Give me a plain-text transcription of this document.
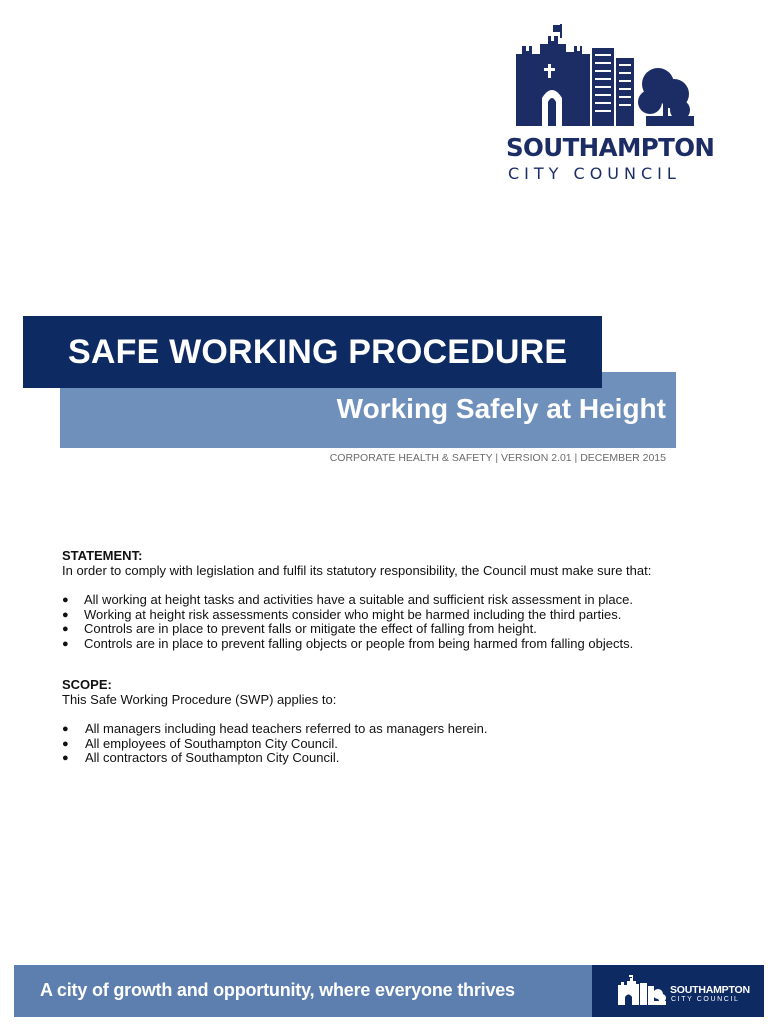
SOUTHAMPTON
CITY COUNCIL
SAFE WORKING PROCEDURE
Working Safely at Height
CORPORATE HEALTH & SAFETY | VERSION 2.01 | DECEMBER 2015

STATEMENT:

In order to comply with legislation and fulfil its statutory responsibility, the Council must make sure that:

● All working at height tasks and activities have a suitable and sufficient risk assessment in place.
● Working at height risk assessments consider who might be harmed including the third parties.
● Controls are in place to prevent falls or mitigate the effect of falling from height.
● Controls are in place to prevent falling objects or people from being harmed from falling objects.

SCOPE:

This Safe Working Procedure (SWP) applies to:

● All managers including head teachers referred to as managers herein.
● All employees of Southampton City Council.
● All contractors of Southampton City Council.
A city of growth and opportunity, where everyone thrives	SOUTHAMPTON
CITY COUNCIL
